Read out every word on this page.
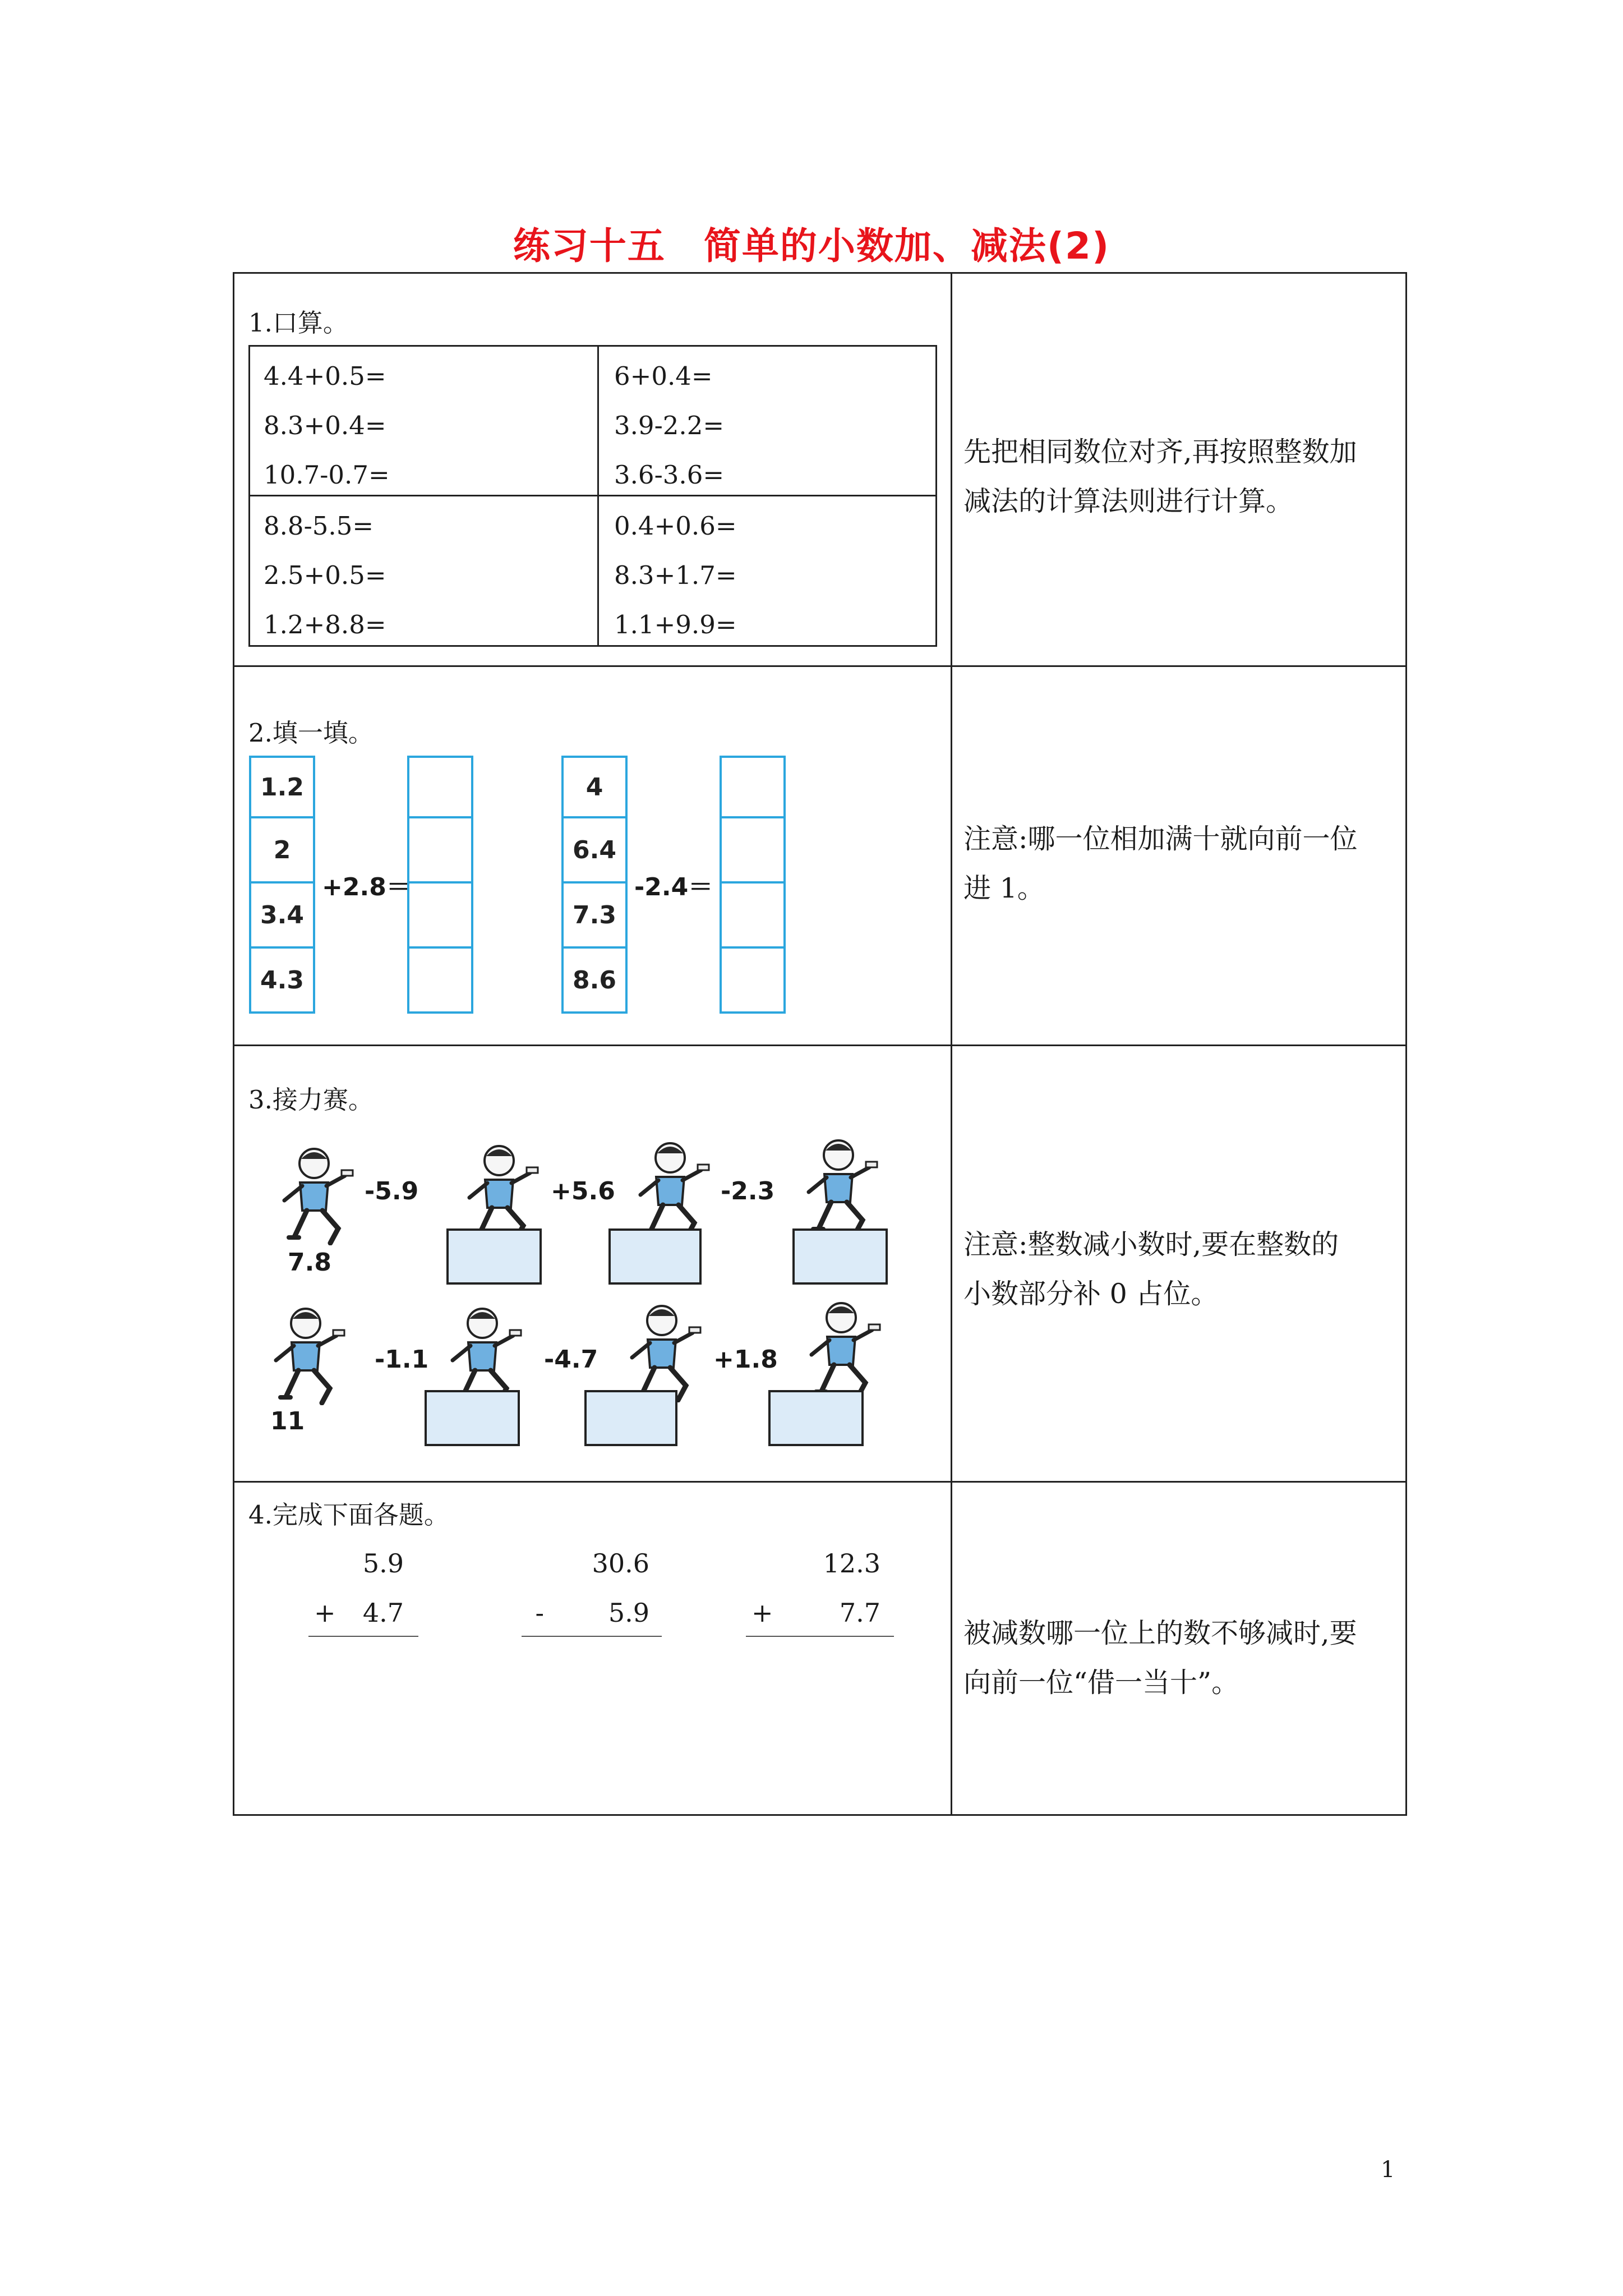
练习十五　简单的小数加、减法(2)
1.口算。
4.4+0.5=
8.3+0.4=
10.7-0.7=
6+0.4=
3.9-2.2=
3.6-3.6=
8.8-5.5=
2.5+0.5=
1.2+8.8=
0.4+0.6=
8.3+1.7=
1.1+9.9=
先把相同数位对齐,再按照整数加
减法的计算法则进行计算。
2.填一填。
1.2
2
3.4
4.3
+2.8＝
4
6.4
7.3
8.6
-2.4＝
注意:哪一位相加满十就向前一位
进 1。
3.接力赛。
7.8
-5.9	+5.6	-2.3
11
-1.1	-4.7	+1.8
注意:整数减小数时,要在整数的
小数部分补 0 占位。
4.完成下面各题。
5.9
+	4.7
30.6
-	5.9
12.3
+	7.7
被减数哪一位上的数不够减时,要
向前一位“借一当十”。
1
